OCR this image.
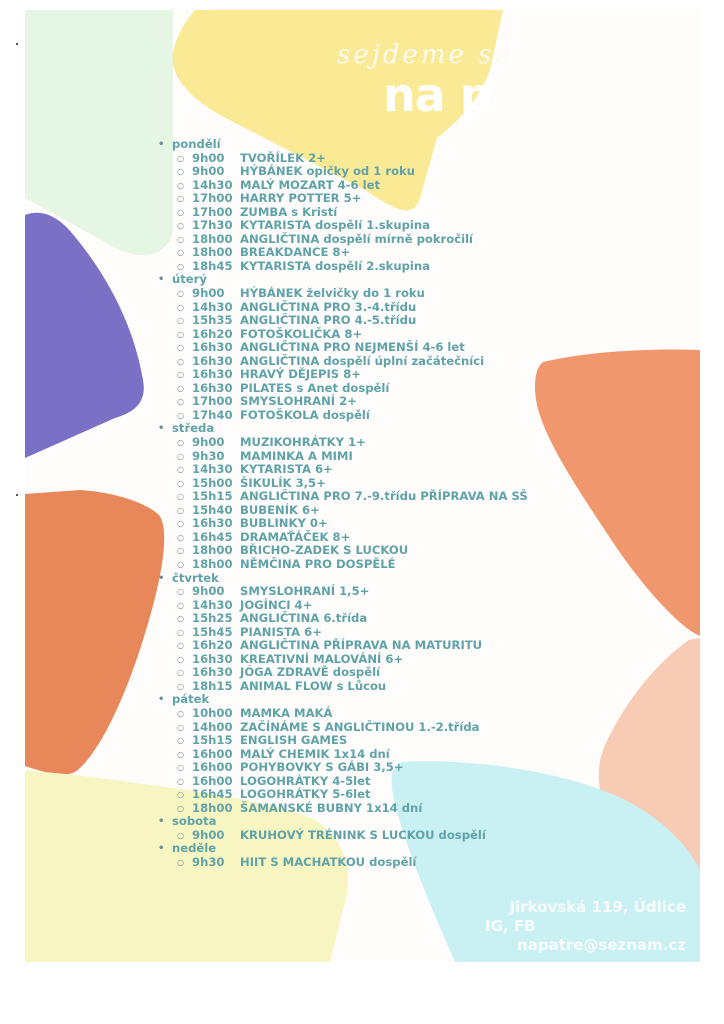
sejdeme se
na p
• pondělí
○ 9h00	TVOŘÍLEK 2+
○ 9h00	HÝBÁNEK opičky od 1 roku
○ 14h30 MALÝ MOZART 4-6 let
○ 17h00 HARRY POTTER 5+
○ 17h00 ZUMBA s Kristí
○ 17h30 KYTARISTA dospělí 1.skupina
○ 18h00 ANGLIČTINA dospělí mírně pokročilí
○ 18h00 BREAKDANCE 8+
○ 18h45 KYTARISTA dospělí 2.skupina
• úterý
○ 9h00	HÝBÁNEK želvičky do 1 roku
○ 14h30 ANGLIČTINA PRO 3.-4.třídu
○ 15h35 ANGLIČTINA PRO 4.-5.třídu
○ 16h20 FOTOŠKOLIČKA 8+
○ 16h30 ANGLIČTINA PRO NEJMENŠÍ 4-6 let
○ 16h30 ANGLIČTINA dospělí úplní začátečníci
○ 16h30 HRAVÝ DĚJEPIS 8+
○ 16h30 PILATES s Anet dospělí
○ 17h00 SMYSLOHRANÍ 2+
○ 17h40 FOTOŠKOLA dospělí
• středa
○ 9h00	MUZIKOHRÁTKY 1+
○ 9h30	MAMINKA A MIMI
○ 14h30 KYTARISTA 6+
○ 15h00 ŠIKULÍK 3,5+
○ 15h15 ANGLIČTINA PRO 7.-9.třídu PŘÍPRAVA NA SŠ
○ 15h40 BUBENÍK 6+
○ 16h30 BUBLINKY 0+
○ 16h45 DRAMAŤÁČEK 8+
○ 18h00 BŘICHO-ZADEK S LUCKOU
○ 18h00 NĚMČINA PRO DOSPĚLÉ
• čtvrtek
○ 9h00	SMYSLOHRANÍ 1,5+
○ 14h30 JOGÍNCI 4+
○ 15h25 ANGLIČTINA 6.třída
○ 15h45 PIANISTA 6+
○ 16h20 ANGLIČTINA PŘÍPRAVA NA MATURITU
○ 16h30 KREATIVNÍ MALOVÁNÍ 6+
○ 16h30 JÓGA ZDRAVĚ dospělí
○ 18h15 ANIMAL FLOW s Lůcou
• pátek
○ 10h00 MAMKA MAKÁ
○ 14h00 ZAČÍNÁME S ANGLIČTINOU 1.-2.třída
○ 15h15 ENGLISH GAMES
○ 16h00 MALÝ CHEMIK 1x14 dní
○ 16h00 POHYBOVKY S GÁBI 3,5+
○ 16h00 LOGOHRÁTKY 4-5let
○ 16h45 LOGOHRÁTKY 5-6let
○ 18h00 ŠAMANSKÉ BUBNY 1x14 dní
• sobota
○ 9h00	KRUHOVÝ TRÉNINK S LUCKOU dospělí
• neděle
○ 9h30	HIIT S MACHATKOU dospělí
Jirkovská 119, Údlice
IG, FB
napatre@seznam.cz
